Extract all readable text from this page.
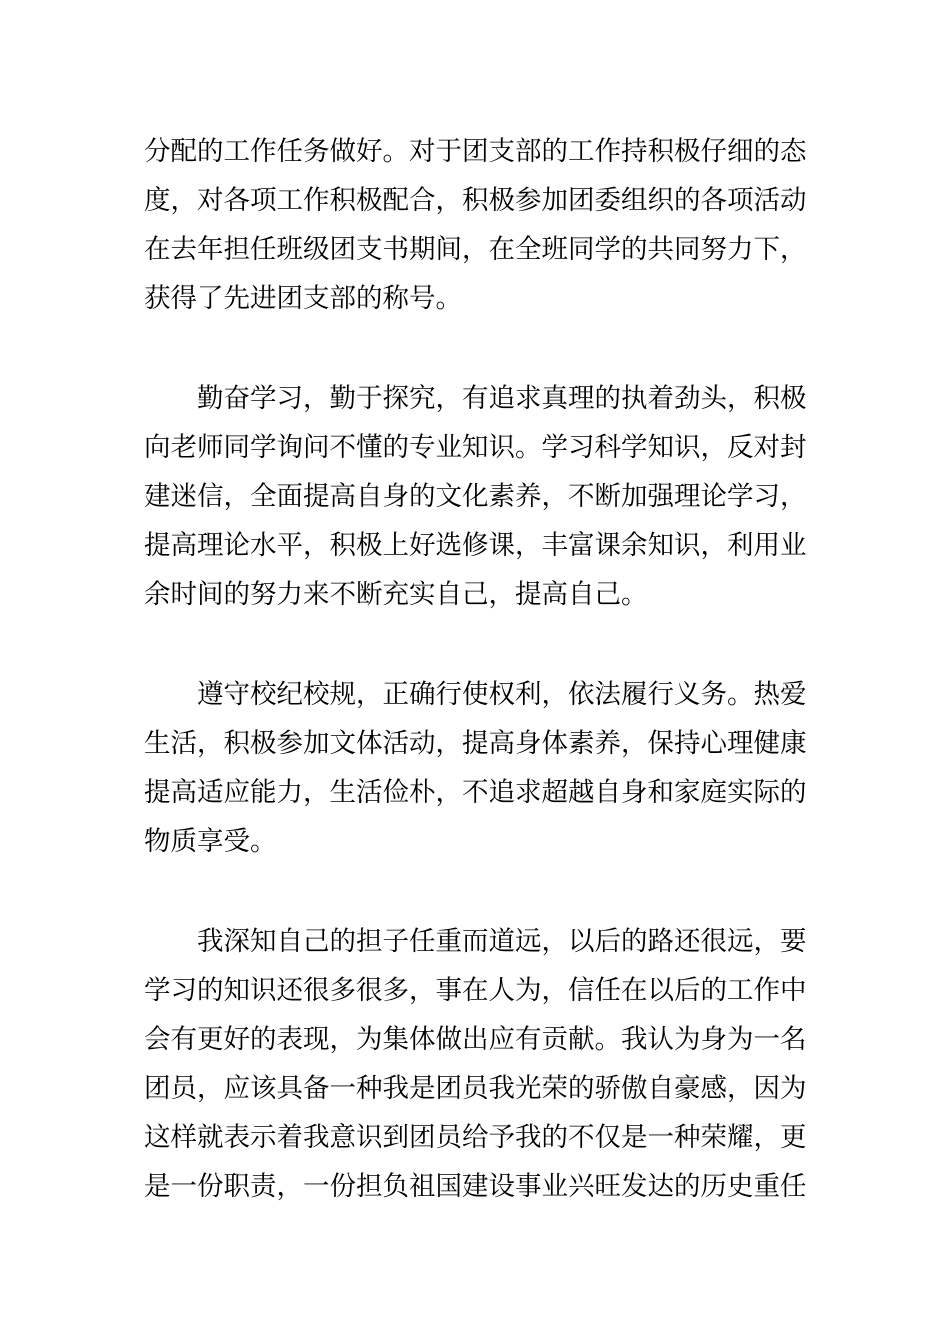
分配的工作任务做好。对于团支部的工作持积极仔细的态
度，对各项工作积极配合，积极参加团委组织的各项活动
在去年担任班级团支书期间，在全班同学的共同努力下，
获得了先进团支部的称号。
勤奋学习，勤于探究，有追求真理的执着劲头，积极
向老师同学询问不懂的专业知识。学习科学知识，反对封
建迷信，全面提高自身的文化素养，不断加强理论学习，
提高理论水平，积极上好选修课，丰富课余知识，利用业
余时间的努力来不断充实自己，提高自己。
遵守校纪校规，正确行使权利，依法履行义务。热爱
生活，积极参加文体活动，提高身体素养，保持心理健康
提高适应能力，生活俭朴，不追求超越自身和家庭实际的
物质享受。
我深知自己的担子任重而道远，以后的路还很远，要
学习的知识还很多很多，事在人为，信任在以后的工作中
会有更好的表现，为集体做出应有贡献。我认为身为一名
团员，应该具备一种我是团员我光荣的骄傲自豪感，因为
这样就表示着我意识到团员给予我的不仅是一种荣耀，更
是一份职责，一份担负祖国建设事业兴旺发达的历史重任
